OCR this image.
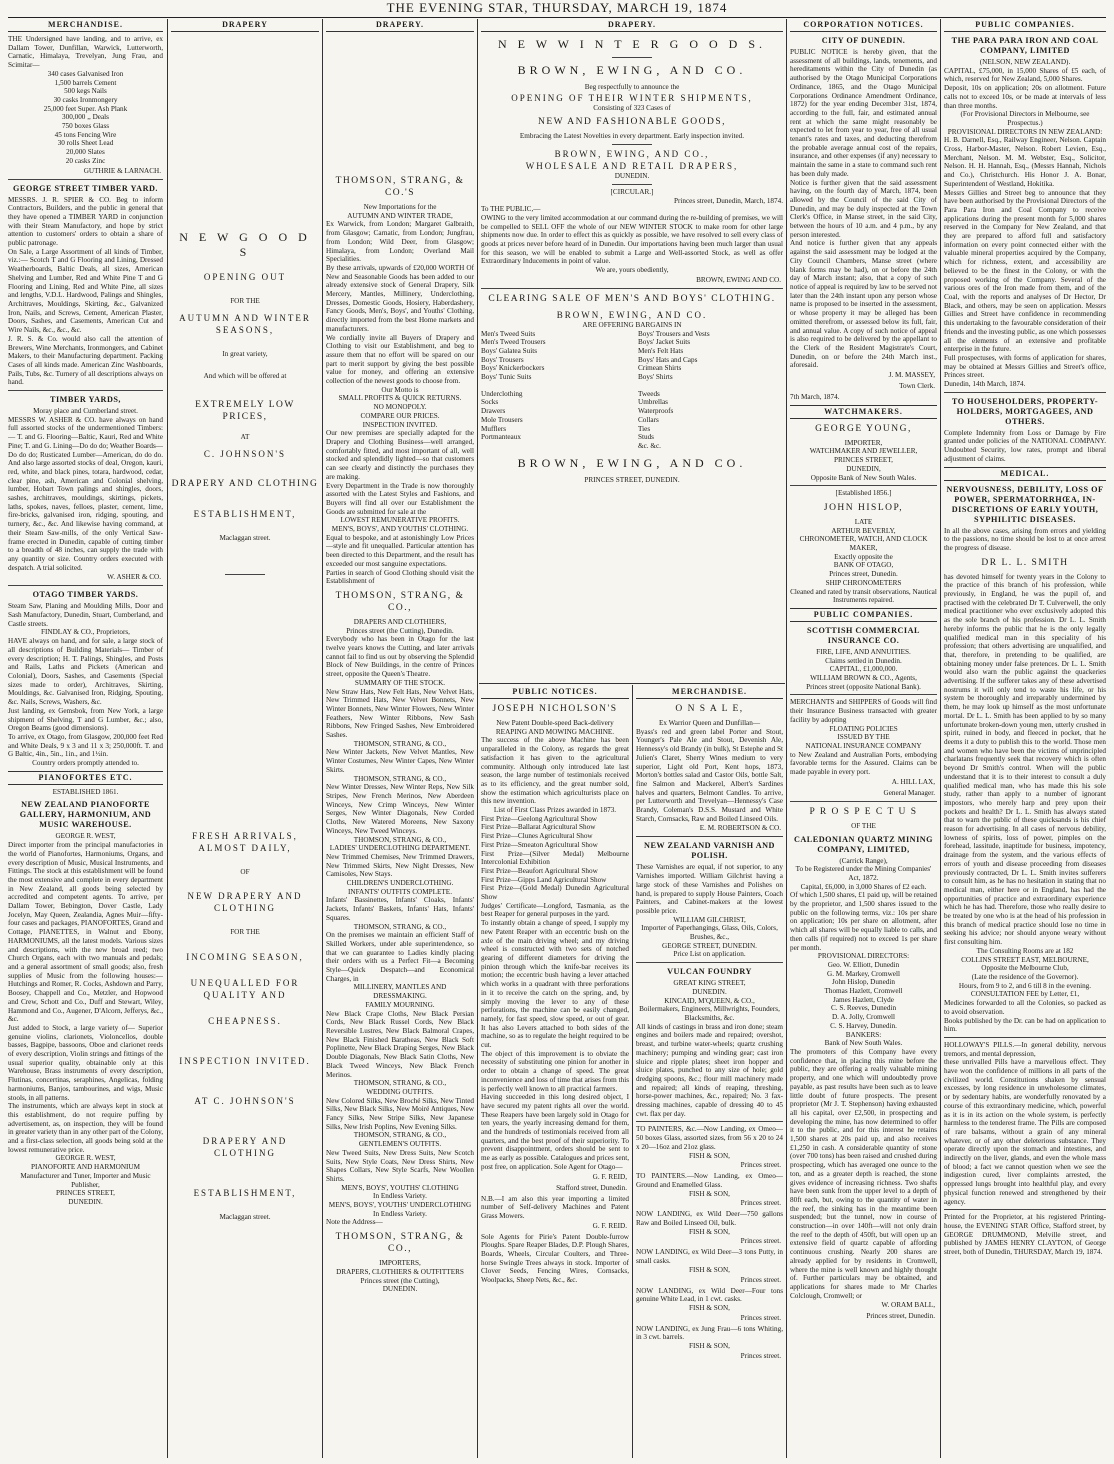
THE EVENING STAR, THURSDAY, MARCH 19, 1874
MERCHANDISE.

THE Undersigned have landing, and to arrive, ex Dallam Tower, Dunfillan, Warwick, Lutterworth, Carnatic, Himalaya, Trevelyan, Jung Frau, and Scimitar—

340 cases Galvanised Iron
1,500 barrels Cement
500 kegs Nails
30 casks Ironmongery
25,000 feet Super. Ash Plank
300,000 ,, Deals
750 boxes Glass
45 tons Fencing Wire
30 rolls Sheet Lead
20,000 Slates
20 casks Zinc
GUTHRIE & LARNACH.
GEORGE STREET TIMBER YARD.

MESSRS. J. R. SPIER & CO. Beg to inform Contractors, Builders, and the public in general that they have opened a TIMBER YARD in conjunction with their Steam Manufactory, and hope by strict attention to customers' orders to obtain a share of public patronage.

On Sale, a Large Assortment of all kinds of Timber, viz.:— Scotch T and G Flooring and Lining, Dressed Weatherboards, Baltic Deals, all sizes, American Shelving and Lumber, Red and White Pine T and G Flooring and Lining, Red and White Pine, all sizes and lengths, V.D.L. Hardwood, Palings and Shingles, Architraves, Mouldings, Skirting, &c., Galvanized Iron, Nails, and Screws, Cement, American Plaster, Doors, Sashes, and Casements, American Cut and Wire Nails, &c., &c., &c.

J. R. S. & Co. would also call the attention of Brewers, Wine Merchants, Ironmongers, and Cabinet Makers, to their Manufacturing department. Packing Cases of all kinds made. American Zinc Washboards, Pails, Tubs, &c. Turnery of all descriptions always on hand.

TIMBER YARDS,
Moray place and Cumberland street.

MESSRS W. ASHER & CO. have always on hand full assorted stocks of the undermentioned Timbers:— T. and G. Flooring—Baltic, Kauri, Red and White Pine; T. and G. Lining—Do do do; Weather Boards—Do do do; Rusticated Lumber—American, do do do. And also large assorted stocks of deal, Oregon, kauri, red, white, and black pines, totara, hardwood, cedar, clear pine, ash, American and Colonial shelving, lumber, Hobart Town palings and shingles, doors, sashes, architraves, mouldings, skirtings, pickets, laths, spokes, naves, felloes, plaster, cement, lime, fire-bricks, galvanised iron, ridging, spouting, and turnery, &c., &c. And likewise having command, at their Steam Saw-mills, of the only Vertical Saw-frame erected in Dunedin, capable of cutting timber to a breadth of 48 inches, can supply the trade with any quantity or size. Country orders executed with despatch. A trial solicited.

W. ASHER & CO.
OTAGO TIMBER YARDS.

Steam Saw, Planing and Moulding Mills, Door and Sash Manufactory, Dunedin, Stuart, Cumberland, and Castle streets.

FINDLAY & CO., Proprietors,

HAVE always on hand, and for sale, a large stock of all descriptions of Building Materials— Timber of every description; H. T. Palings, Shingles, and Posts and Rails, Laths and Pickets (American and Colonial), Doors, Sashes, and Casements (Special sizes made to order), Architraves, Skirting, Mouldings, &c. Galvanised Iron, Ridging, Spouting, &c. Nails, Screws, Washers, &c.

Just landing, ex Gemsbok, from New York, a large shipment of Shelving, T and G Lumber, &c.; also, Oregon Beams (good dimensions).

To arrive, ex Otago, from Glasgow, 200,000 feet Red and White Deals, 9 x 3 and 11 x 3; 250,000ft. T. and G Baltic, 4in., 5in., 1in., and 1½in.

Country orders promptly attended to.
PIANOFORTES ETC.
ESTABLISHED 1861.
NEW ZEALAND PIANOFORTE GALLERY, HARMONIUM, AND MUSIC WAREHOUSE.
GEORGE R. WEST,

Direct importer from the principal manufactories in the world of Pianofortes, Harmoniums, Organs, and every description of Music, Musical Instruments, and Fittings. The stock at this establishment will be found the most extensive and complete in every department in New Zealand, all goods being selected by accredited and competent agents. To arrive, per Dallam Tower, Bebington, Dover Castle, Lady Jocelyn, May Queen, Zealandia, Agnes Muir—fifty-four cases and packages, PIANOFORTES, Grand and Cottage, PIANETTES, in Walnut and Ebony, HARMONIUMS, all the latest models. Various sizes and descriptions, with the new broad reed; two Church Organs, each with two manuals and pedals; and a general assortment of small goods; also, fresh supplies of Music from the following houses:— Hutchings and Romer, R. Cocks, Ashdown and Parry, Boosey, Chappell and Co., Metzler, and Hopwood and Crew, Schott and Co., Duff and Stewart, Wiley, Hammond and Co., Augener, D'Alcorn, Jefferys, &c., &c.

Just added to Stock, a large variety of— Superior genuine violins, clarionets, Violoncellos, double basses, Bagpipe, bassoons, Oboe and clarionet reeds of every description, Violin strings and fittings of the usual superior quality, obtainable only at this Warehouse, Brass instruments of every description, Flutinas, concertinas, seraphines, Angelicas, folding harmoniums, Banjos, tambourines, and wigs, Music stools, in all patterns.

The instruments, which are always kept in stock at this establishment, do not require puffing by advertisement, as, on inspection, they will be found in greater variety than in any other part of the Colony, and a first-class selection, all goods being sold at the lowest remunerative price.

GEORGE R. WEST,
PIANOFORTE AND HARMONIUM
Manufacturer and Tuner, Importer and Music Publisher,
PRINCES STREET,
DUNEDIN.
DRAPERY
N E W G O O D S
OPENING OUT
FOR THE
AUTUMN AND WINTER SEASONS,
In great variety,
And which will be offered at
EXTREMELY LOW PRICES,
AT
C. JOHNSON'S
DRAPERY AND CLOTHING
ESTABLISHMENT,
Maclaggan street.
FRESH ARRIVALS, ALMOST DAILY,
OF
NEW DRAPERY AND CLOTHING
FOR THE
INCOMING SEASON,
UNEQUALLED FOR QUALITY AND
CHEAPNESS.
INSPECTION INVITED.
AT C. JOHNSON'S
DRAPERY AND CLOTHING
ESTABLISHMENT,
Maclaggan street.
DRAPERY.
THOMSON, STRANG, & CO.'S
New Importations for the
AUTUMN AND WINTER TRADE,

Ex Warwick, from London; Margaret Galbraith, from Glasgow; Carnatic, from London; Jungfrau, from London; Wild Deer, from Glasgow; Himalaya, from London; Overland Mail Specialities.

By these arrivals, upwards of £20,000 WORTH Of New and Seasonable Goods has been added to our already extensive stock of General Drapery, Silk Mercery, Mantles, Millinery, Underclothing, Dresses, Domestic Goods, Hosiery, Haberdashery, Fancy Goods, Men's, Boys', and Youths' Clothing, directly imported from the best Home markets and manufacturers.

We cordially invite all Buyers of Drapery and Clothing to visit our Establishment, and beg to assure them that no effort will be spared on our part to merit support by giving the best possible value for money, and offering an extensive collection of the newest goods to choose from.

Our Motto is
SMALL PROFITS & QUICK RETURNS.
NO MONOPOLY.
COMPARE OUR PRICES.
INSPECTION INVITED.

Our new premises are specially adapted for the Drapery and Clothing Business—well arranged, comfortably fitted, and most important of all, well stocked and splendidly lighted—so that customers can see clearly and distinctly the purchases they are making.

Every Department in the Trade is now thoroughly assorted with the Latest Styles and Fashions, and Buyers will find all over our Establishment the Goods are submitted for sale at the

LOWEST REMUNERATIVE PROFITS.
MEN'S, BOYS', AND YOUTHS' CLOTHING.

Equal to bespoke, and at astonishingly Low Prices—style and fit unequalled. Particular attention has been directed to this Department, and the result has exceeded our most sanguine expectations.

Parties in search of Good Clothing should visit the Establishment of

THOMSON, STRANG, & CO.,
DRAPERS AND CLOTHIERS,
Princes street (the Cutting), Dunedin.

Everybody who has been in Otago for the last twelve years knows the Cutting, and later arrivals cannot fail to find us out by observing the Splendid Block of New Buildings, in the centre of Princes street, opposite the Queen's Theatre.

SUMMARY OF THE STOCK.

New Straw Hats, New Felt Hats, New Velvet Hats, New Trimmed Hats, New Velvet Bonnets, New Winter Bonnets, New Winter Flowers, New Winter Feathers, New Winter Ribbons, New Sash Ribbons, New Fringed Sashes, New Embroidered Sashes.

THOMSON, STRANG, & CO.,

New Winter Jackets, New Velvet Mantles, New Winter Costumes, New Winter Capes, New Winter Skirts.

THOMSON, STRANG, & CO.,

New Winter Dresses, New Winter Reps, New Silk Stripes, New French Merinos, New Aberdeen Winceys, New Crimp Winceys, New Winter Serges, New Winter Diagonals, New Corded Cloths, New Watered Moreens, New Saxony Winceys, New Tweed Winceys.

THOMSON, STRANG, & CO.,
LADIES' UNDERCLOTHING DEPARTMENT.

New Trimmed Chemises, New Trimmed Drawers, New Trimmed Skirts, New Night Dresses, New Camisoles, New Stays.

CHILDREN'S UNDERCLOTHING.
INFANTS' OUTFITS COMPLETE.

Infants' Bassinettes, Infants' Cloaks, Infants' Jackets, Infants' Baskets, Infants' Hats, Infants' Squares.

THOMSON, STRANG, & CO.,

On the premises we maintain an efficient Staff of Skilled Workers, under able superintendence, so that we can guarantee to Ladies kindly placing their orders with us a Perfect Fit—a Becoming Style—Quick Despatch—and Economical Charges, in

MILLINERY, MANTLES AND DRESSMAKING.
FAMILY MOURNING.

New Black Crape Cloths, New Black Persian Cords, New Black Russel Cords, New Black Reversible Lustres, New Black Balmoral Crapes, New Black Finished Baratheas, New Black Soft Poplinette, New Black Draping Serges, New Black Double Diagonals, New Black Satin Cloths, New Black Tweed Winceys, New Black French Merinos.

THOMSON, STRANG, & CO.,
WEDDING OUTFITS.

New Colored Silks, New Broché Silks, New Tinted Silks, New Black Silks, New Moiré Antiques, New Fancy Silks, New Stripe Silks, New Japanese Silks, New Irish Poplins, New Evening Silks.

THOMSON, STRANG, & CO.,
GENTLEMEN'S OUTFITS.

New Tweed Suits, New Dress Suits, New Scotch Suits, New Style Coats, New Dress Shirts, New Shapes Collars, New Style Scarfs, New Woollen Shirts.

MEN'S, BOYS', YOUTHS' CLOTHING
In Endless Variety.
MEN'S, BOYS', YOUTHS' UNDERCLOTHING
In Endless Variety.
Note the Address—
THOMSON, STRANG, & CO.,
IMPORTERS,
DRAPERS, CLOTHIERS & OUTFITTERS
Princes street (the Cutting),
DUNEDIN.
DRAPERY.
N E W W I N T E R G O O D S.
BROWN, EWING, AND CO.
Beg respectfully to announce the
OPENING OF THEIR WINTER SHIPMENTS,
Consisting of 323 Cases of
NEW AND FASHIONABLE GOODS,
Embracing the Latest Novelties in every department. Early inspection invited.
BROWN, EWING, AND CO.,
WHOLESALE AND RETAIL DRAPERS,
DUNEDIN.
[CIRCULAR.]
Princes street, Dunedin, March, 1874.
To THE PUBLIC,—

OWING to the very limited accommodation at our command during the re-building of premises, we will be compelled to SELL OFF the whole of our NEW WINTER STOCK to make room for other large shipments now due. In order to effect this as quickly as possible, we have resolved to sell every class of goods at prices never before heard of in Dunedin. Our importations having been much larger than usual for this season, we will be enabled to submit a Large and Well-assorted Stock, as well as offer Extraordinary Inducements in point of value.

We are, yours obediently,
BROWN, EWING AND CO.
CLEARING SALE OF MEN'S AND BOYS' CLOTHING.
BROWN, EWING, AND CO.
ARE OFFERING BARGAINS IN
Men's Tweed Suits
Men's Tweed Trousers
Boys' Galatea Suits
Boys' Trousers
Boys' Knickerbockers
Boys' Tunic Suits
Underclothing
Socks
Drawers
Mole Trousers
Mufflers
Portmanteaux
Boys' Trousers and Vests
Boys' Jacket Suits
Men's Felt Hats
Boys' Hats and Caps
Crimean Shirts
Boys' Shirts
Tweeds
Umbrellas
Waterproofs
Collars
Ties
Studs
&c. &c.
BROWN, EWING, AND CO.
PRINCES STREET, DUNEDIN.
PUBLIC NOTICES.
JOSEPH NICHOLSON'S
New Patent Double-speed Back-delivery
REAPING AND MOWING MACHINE.

The success of the above Machine has been unparalleled in the Colony, as regards the great satisfaction it has given to the agricultural community. Although only introduced late last season, the large number of testimonials received as to its efficiency, and the great number sold, show the estimation which agriculturists place on this new invention.

List of First Class Prizes awarded in 1873.
First Prize—Geelong Agricultural Show
First Prize—Ballarat Agricultural Show
First Prize—Clunes Agricultural Show
First Prize—Smeaton Agricultural Show
First Prize—(Silver Medal) Melbourne Intercolonial Exhibition
First Prize—Beaufort Agricultural Show
First Prize—Gipps Land Agricultural Show
First Prize—(Gold Medal) Dunedin Agricultural Show
Judges' Certificate—Longford, Tasmania, as the best Reaper for general purposes in the yard.

To instantly obtain a change of speed, I supply my new Patent Reaper with an eccentric bush on the axle of the main driving wheel; and my driving wheel is constructed with two sets of notched gearing of different diameters for driving the pinion through which the knife-bar receives its motion; the eccentric bush having a lever attached which works in a quadrant with three perforations in it to receive the catch on the spring, and, by simply moving the lever to any of these perforations, the machine can be easily changed, namely, for fast speed, slow speed, or out of gear. It has also Levers attached to both sides of the machine, so as to regulate the height required to be cut.

The object of this improvement is to obviate the necessity of substituting one pinion for another in order to obtain a change of speed. The great inconvenience and loss of time that arises from this is perfectly well known to all practical farmers.

Having succeeded in this long desired object, I have secured my patent rights all over the world. These Reapers have been largely sold in Otago for ten years, the yearly increasing demand for them, and the hundreds of testimonials received from all quarters, and the best proof of their superiority. To prevent disappointment, orders should be sent to me as early as possible. Catalogues and prices sent, post free, on application. Sole Agent for Otago—

G. F. REID,
Stafford street, Dunedin.

N.B.—I am also this year importing a limited number of Self-delivery Machines and Patent Grass Mowers.

G. F. REID.

Sole Agents for Pirie's Patent Double-furrow Ploughs. Spare Reaper Blades, D.P. Plough Shares, Boards, Wheels, Circular Coulters, and Three-horse Swingle Trees always in stock. Importer of Clover Seeds, Fencing Wires, Cornsacks, Woolpacks, Sheep Nets, &c., &c.

MERCHANDISE.
O N S A L E,
Ex Warrior Queen and Dunfillan—

Byass's red and green label Porter and Stout, Younger's Pale Ale and Stout, Devenish Ale, Hennessy's old Brandy (in bulk), St Estephe and St Julien's Claret, Sherry Wines medium to very superior, Light old Port, Kent hops, 1873, Morton's bottles salad and Castor Oils, bottle Salt, fine Salmon and Mackerel, Albert's Sardines halves and quarters, Belmont Candles. To arrive, per Lutterworth and Trevelyan—Hennessy's Case Brandy, Coleman's D.S.S. Mustard and White Starch, Cornsacks, Raw and Boiled Linseed Oils.

E. M. ROBERTSON & CO.
NEW ZEALAND VARNISH AND POLISH.

These Varnishes are equal, if not superior, to any Varnishes imported. William Gilchrist having a large stock of these Varnishes and Polishes on hand, is prepared to supply House Painters, Coach Painters, and Cabinet-makers at the lowest possible price.

WILLIAM GILCHRIST,
Importer of Paperhangings, Glass, Oils, Colors, Brushes, &c.,
GEORGE STREET, DUNEDIN.
Price List on application.
VULCAN FOUNDRY
GREAT KING STREET,
DUNEDIN.
KINCAID, M'QUEEN, & CO.,
Boilermakers, Engineers, Millwrights, Founders, Blacksmiths, &c.

All kinds of castings in brass and iron done; steam engines and boilers made and repaired; overshot, breast, and turbine water-wheels; quartz crushing machinery; pumping and winding gear; cast iron sluice and ripple plates; sheet iron hopper and sluice plates, punched to any size of hole; gold dredging spoons, &c.; flour mill machinery made and repaired; all kinds of reaping, threshing, horse-power machines, &c., repaired; No. 3 fax-dressing machines, capable of dressing 40 to 45 cwt. flax per day.

TO PAINTERS, &c.—Now Landing, ex Omeo—50 boxes Glass, assorted sizes, from 56 x 20 to 24 x 20—16oz and 21oz glass.

FISH & SON,
Princes street.

TO PAINTERS.—Now Landing, ex Omeo—Ground and Enamelled Glass.

FISH & SON,
Princes street.

NOW LANDING, ex Wild Deer—750 gallons Raw and Boiled Linseed Oil, bulk.

FISH & SON,
Princes street.

NOW LANDING, ex Wild Deer—3 tons Putty, in small casks.

FISH & SON,
Princes street.

NOW LANDING, ex Wild Deer—Four tons genuine White Lead, in 1 cwt. casks.

FISH & SON,
Princes street.

NOW LANDING, ex Jung Frau—6 tons Whiting, in 3 cwt. barrels.

FISH & SON,
Princes street.
CORPORATION NOTICES.
CITY OF DUNEDIN.

PUBLIC NOTICE is hereby given, that the assessment of all buildings, lands, tenements, and hereditaments within the City of Dunedin (as authorised by the Otago Municipal Corporations Ordinance, 1865, and the Otago Municipal Corporations Ordinance Amendment Ordinance, 1872) for the year ending December 31st, 1874, according to the full, fair, and estimated annual rent at which the same might reasonably be expected to let from year to year, free of all usual tenant's rates and taxes, and deducting therefrom the probable average annual cost of the repairs, insurance, and other expenses (if any) necessary to maintain the same in a state to command such rent has been duly made.

Notice is further given that the said assessment having, on the fourth day of March, 1874, been allowed by the Council of the said City of Dunedin, and may be duly inspected at the Town Clerk's Office, in Manse street, in the said City, between the hours of 10 a.m. and 4 p.m., by any person interested.

And notice is further given that any appeals against the said assessment may be lodged at the City Council Chambers, Manse street (where blank forms may be had), on or before the 24th day of March instant; also, that a copy of such notice of appeal is required by law to be served not later than the 24th instant upon any person whose name is proposed to be inserted in the assessment, or whose property it may be alleged has been omitted therefrom, or assessed below its full, fair, and annual value. A copy of such notice of appeal is also required to be delivered by the appellant to the Clerk of the Resident Magistrate's Court, Dunedin, on or before the 24th March inst., aforesaid.

J. M. MASSEY,
Town Clerk.
7th March, 1874.
WATCHMAKERS.
GEORGE YOUNG,
IMPORTER,
WATCHMAKER AND JEWELLER,
PRINCES STREET,
DUNEDIN,
Opposite Bank of New South Wales.
[Established 1856.]
JOHN HISLOP,
LATE
ARTHUR BEVERLY,
CHRONOMETER, WATCH, AND CLOCK MAKER,
Exactly opposite the
BANK OF OTAGO,
Princes street, Dunedin.
SHIP CHRONOMETERS
Cleaned and rated by transit observations, Nautical Instruments repaired.
PUBLIC COMPANIES.
SCOTTISH COMMERCIAL INSURANCE CO.
FIRE, LIFE, AND ANNUITIES.
Claims settled in Dunedin.
CAPITAL, £1,000,000.
WILLIAM BROWN & CO., Agents,
Princes street (opposite National Bank).

MERCHANTS and SHIPPERS of Goods will find their Insurance Business transacted with greater facility by adopting

FLOATING POLICIES
ISSUED BY THE
NATIONAL INSURANCE COMPANY

to New Zealand and Australian Ports, embodying favorable terms for the Assured. Claims can be made payable in every port.

A. HILL LAX,
General Manager.
P R O S P E C T U S
OF THE
CALEDONIAN QUARTZ MINING COMPANY, LIMITED,
(Carrick Range),
To be Registered under the Mining Companies' Act, 1872.
Capital, £6,000, in 3,000 Shares of £2 each.

Of which 1,500 shares, £1 paid up, will be retained by the proprietor, and 1,500 shares issued to the public on the following terms, viz.: 10s per share on application; 10s per share on allotment, after which all shares will be equally liable to calls, and then calls (if required) not to exceed 1s per share per month.

PROVISIONAL DIRECTORS:
Geo. W. Elliott, Dunedin
G. M. Markey, Cromwell
John Hislop, Dunedin
Thomas Hazlett, Cromwell
James Hazlett, Clyde
C. S. Reeves, Dunedin
D. A. Jolly, Cromwell
C. S. Harvey, Dunedin.
BANKERS:
Bank of New South Wales.

The promoters of this Company have every confidence that, in placing this mine before the public, they are offering a really valuable mining property, and one which will undoubtedly prove payable, as past results have been such as to leave little doubt of future prospects. The present proprietor (Mr J. T. Stephenson) having exhausted all his capital, over £2,500, in prospecting and developing the mine, has now determined to offer it to the public, and for this interest he retains 1,500 shares at 20s paid up, and also receives £1,250 in cash. A considerable quantity of stone (over 700 tons) has been raised and crushed during prospecting, which has averaged one ounce to the ton, and as a greater depth is reached, the stone gives evidence of increasing richness. Two shafts have been sunk from the upper level to a depth of 80ft each, but, owing to the quantity of water in the reef, the sinking has in the meantime been suspended; but the tunnel, now in course of construction—in over 140ft—will not only drain the reef to the depth of 450ft, but will open up an extensive field of quartz capable of affording continuous crushing. Nearly 200 shares are already applied for by residents in Cromwell, where the mine is well known and highly thought of. Further particulars may be obtained, and applications for shares made to Mr Charles Colclough, Cromwell; or

W. ORAM BALL,
Princes street, Dunedin.
PUBLIC COMPANIES.
THE PARA PARA IRON AND COAL COMPANY, LIMITED
(NELSON, NEW ZEALAND).

CAPITAL, £75,000, in 15,000 Shares of £5 each, of which, reserved for New Zealand, 5,000 Shares.

Deposit, 10s on application; 20s on allotment. Future calls not to exceed 10s, or be made at intervals of less than three months.

(For Provisional Directors in Melbourne, see Prospectus.)
PROVISIONAL DIRECTORS IN NEW ZEALAND:

H. B. Darnell, Esq., Railway Engineer, Nelson. Captain Cross, Harbor-Master, Nelson. Robert Levien, Esq., Merchant, Nelson. M. M. Webster, Esq., Solicitor, Nelson. H. H. Hannah, Esq., (Messrs Hannah, Nichols and Co.), Christchurch. His Honor J. A. Bonar, Superintendent of Westland, Hokitika.

Messrs Gillies and Street beg to announce that they have been authorised by the Provisional Directors of the Para Para Iron and Coal Company to receive applications during the present month for 5,000 shares reserved in the Company for New Zealand, and that they are prepared to afford full and satisfactory information on every point connected either with the valuable mineral properties acquired by the Company, which for richness, extent, and accessibility are believed to be the finest in the Colony, or with the proposed working of the Company. Several of the various ores of the Iron made from them, and of the Coal, with the reports and analyses of Dr Hector, Dr Black, and others, may be seen on application. Messrs Gillies and Street have confidence in recommending this undertaking to the favourable consideration of their friends and the investing public, as one which possesses all the elements of an extensive and profitable enterprise in the future.

Full prospectuses, with forms of application for shares, may be obtained at Messrs Gillies and Street's office, Princes street.

Dunedin, 14th March, 1874.
TO HOUSEHOLDERS, PROPERTY-HOLDERS, MORTGAGEES, AND OTHERS.

Complete Indemnity from Loss or Damage by Fire granted under policies of the NATIONAL COMPANY. Undoubted Security, low rates, prompt and liberal adjustment of claims.

MEDICAL.
NERVOUSNESS, DEBILITY, LOSS OF POWER, SPERMATORRHŒA, IN-DISCRETIONS OF EARLY YOUTH, SYPHILITIC DISEASES.

In all the above cases, arising from errors and yielding to the passions, no time should be lost to at once arrest the progress of disease.

DR L. L. SMITH

has devoted himself for twenty years in the Colony to the practice of this branch of his profession, while previously, in England, he was the pupil of, and practised with the celebrated Dr T. Culverwell, the only medical practitioner who ever exclusively adopted this as the sole branch of his profession. Dr L. L. Smith hereby informs the public that he is the only legally qualified medical man in this speciality of his profession; that others advertising are unqualified, and that, therefore, in pretending to be qualified, are obtaining money under false pretences. Dr L. L. Smith would also warn the public against the quackeries advertising. If the sufferer takes any of these advertised nostrums it will only tend to waste his life, or his system be thoroughly and irreparably undermined by them, he may look up himself as the most unfortunate mortal. Dr L. L. Smith has been applied to by so many unfortunate broken-down young men, utterly crushed in spirit, ruined in body, and fleeced in pocket, that he deems it a duty to publish this to the world. Those men and women who have been the victims of unprincipled charlatans frequently seek that recovery which is often beyond Dr Smith's control. When will the public understand that it is to their interest to consult a duly qualified medical man, who has made this his sole study, rather than apply to a number of ignorant impostors, who merely harp and prey upon their pockets and health? Dr L. L. Smith has always stated that to warn the public of these quicksands is his chief reason for advertising. In all cases of nervous debility, lowness of spirits, loss of power, pimples on the forehead, lassitude, inaptitude for business, impotency, drainage from the system, and the various effects of errors of youth and disease proceeding from diseases previously contracted, Dr L. L. Smith invites sufferers to consult him, as he has no hesitation in stating that no medical man, either here or in England, has had the opportunities of practice and extraordinary experience which he has had. Therefore, those who really desire to be treated by one who is at the head of his profession in this branch of medical practice should lose no time in seeking his advice; nor should anyone weary without first consulting him.

The Consulting Rooms are at 182
COLLINS STREET EAST, MELBOURNE,
Opposite the Melbourne Club,
(Late the residence of the Governor).
Hours, from 9 to 2, and 6 till 8 in the evening.
CONSULTATION FEE by Letter, £1,

Medicines forwarded to all the Colonies, so packed as to avoid observation.

Books published by the Dr. can be had on application to him.

HOLLOWAY'S PILLS.—In general debility, nervous tremors, and mental depression,

these unrivalled Pills have a marvellous effect. They have won the confidence of millions in all parts of the civilized world. Constitutions shaken by sensual excesses, by long residence in unwholesome climates, or by sedentary habits, are wonderfully renovated by a course of this extraordinary medicine, which, powerful as it is in its action on the whole system, is perfectly harmless to the tenderest frame. The Pills are composed of rare balsams, without a grain of any mineral whatever, or of any other deleterious substance. They operate directly upon the stomach and intestines, and indirectly on the liver, glands, and even the whole mass of blood; a fact we cannot question when we see the indigestion cured, liver complaints arrested, the oppressed lungs brought into healthful play, and every physical function renewed and strengthened by their agency.

Printed for the Proprietor, at his registered Printing-house, the EVENING STAR Office, Stafford street, by GEORGE DRUMMOND, Melville street, and published by JAMES HENRY CLAYTON, of George street, both of Dunedin, THURSDAY, March 19, 1874.
